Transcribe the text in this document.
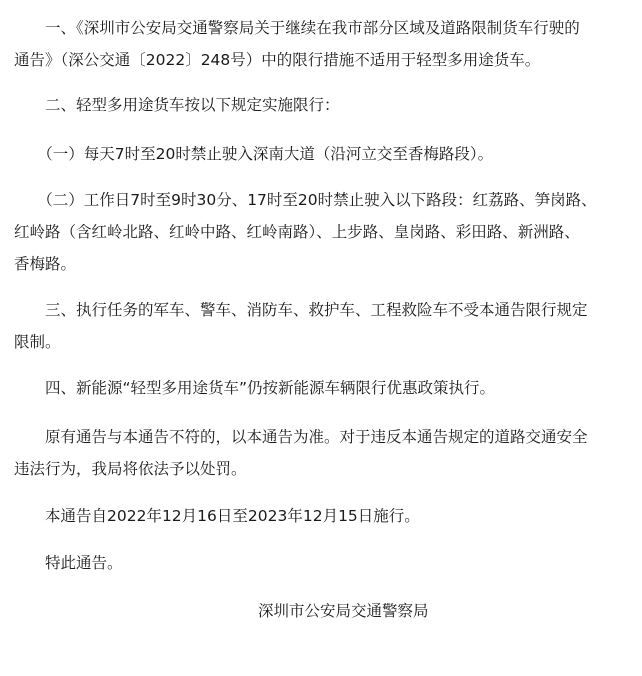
　　一、《深圳市公安局交通警察局关于继续在我市部分区域及道路限制货车行驶的
通告》（深公交通〔2022〕248号）中的限行措施不适用于轻型多用途货车。

　　二、轻型多用途货车按以下规定实施限行：

　　（一）每天7时至20时禁止驶入深南大道（沿河立交至香梅路段）。

　　（二）工作日7时至9时30分、17时至20时禁止驶入以下路段：红荔路、笋岗路、
红岭路（含红岭北路、红岭中路、红岭南路）、上步路、皇岗路、彩田路、新洲路、
香梅路。

　　三、执行任务的军车、警车、消防车、救护车、工程救险车不受本通告限行规定
限制。

　　四、新能源“轻型多用途货车”仍按新能源车辆限行优惠政策执行。

　　原有通告与本通告不符的，以本通告为准。对于违反本通告规定的道路交通安全
违法行为，我局将依法予以处罚。

　　本通告自2022年12月16日至2023年12月15日施行。

　　特此通告。

深圳市公安局交通警察局
